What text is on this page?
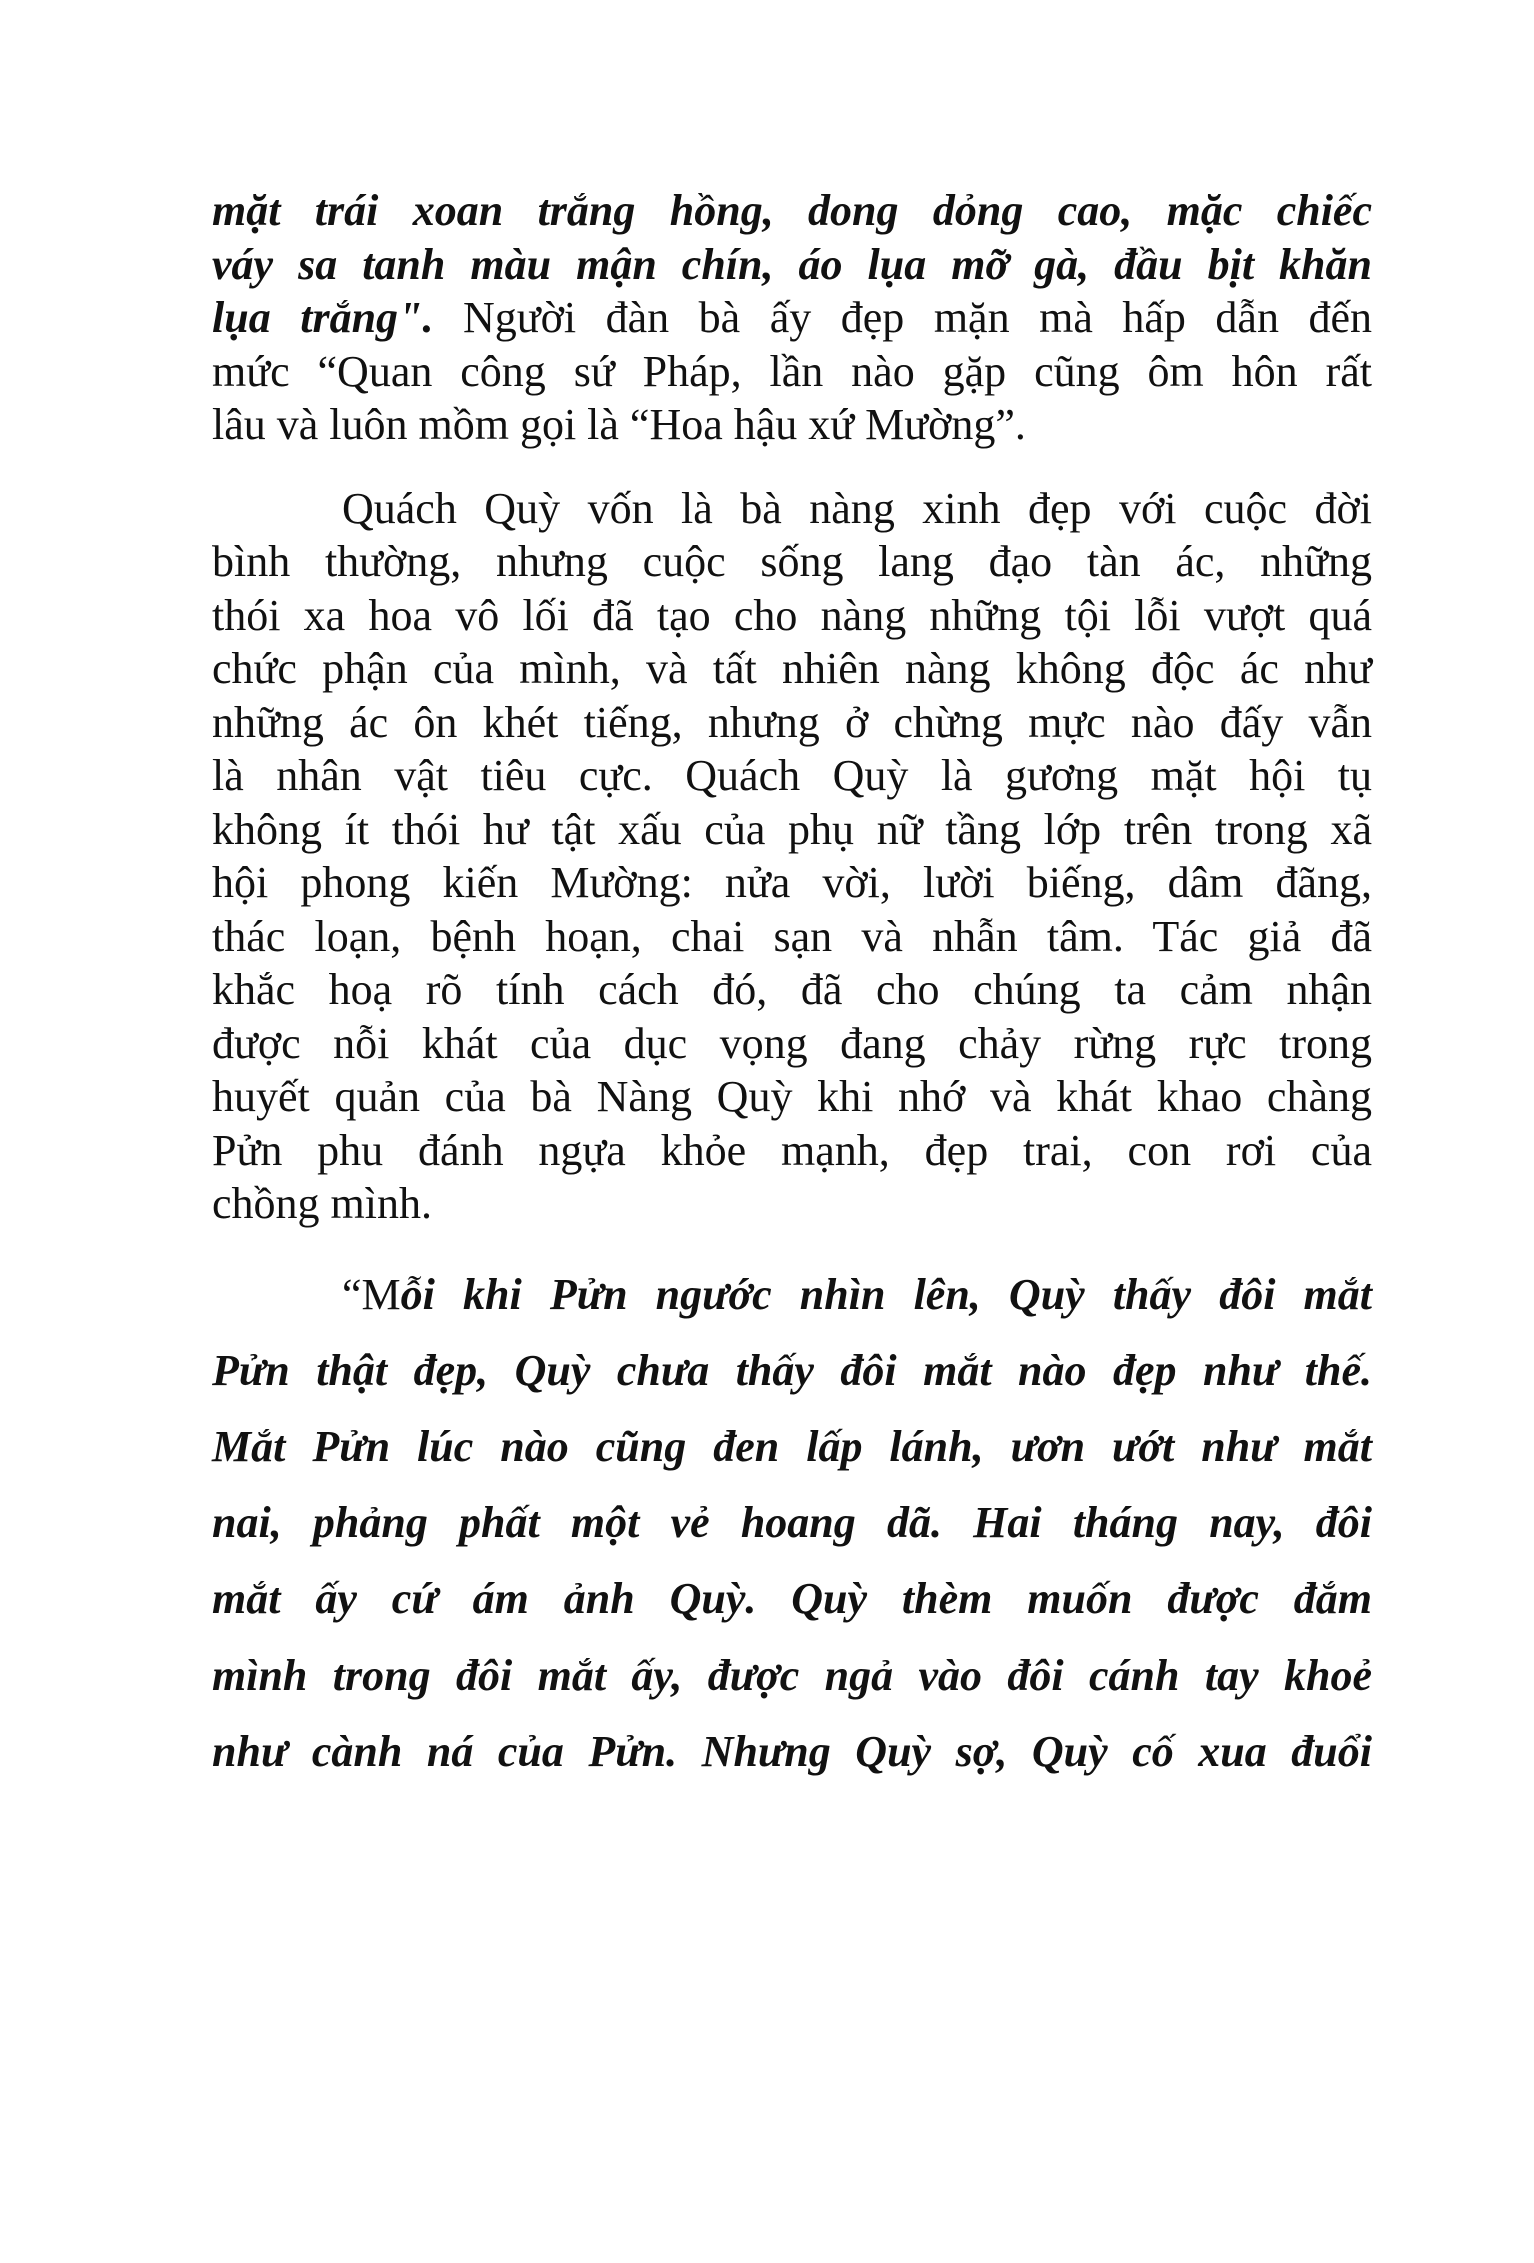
mặt trái xoan trắng hồng, dong dỏng cao, mặc chiếc
váy sa tanh màu mận chín, áo lụa mỡ gà, đầu bịt khăn
lụa trắng". Người đàn bà ấy đẹp mặn mà hấp dẫn đến
mức “Quan công sứ Pháp, lần nào gặp cũng ôm hôn rất
lâu và luôn mồm gọi là “Hoa hậu xứ Mường”.

Quách Quỳ vốn là bà nàng xinh đẹp với cuộc đời
bình thường, nhưng cuộc sống lang đạo tàn ác, những
thói xa hoa vô lối đã tạo cho nàng những tội lỗi vượt quá
chức phận của mình, và tất nhiên nàng không độc ác như
những ác ôn khét tiếng, nhưng ở chừng mực nào đấy vẫn
là nhân vật tiêu cực. Quách Quỳ là gương mặt hội tụ
không ít thói hư tật xấu của phụ nữ tầng lớp trên trong xã
hội phong kiến Mường: nửa vời, lười biếng, dâm đãng,
thác loạn, bệnh hoạn, chai sạn và nhẫn tâm. Tác giả đã
khắc hoạ rõ tính cách đó, đã cho chúng ta cảm nhận
được nỗi khát của dục vọng đang chảy rừng rực trong
huyết quản của bà Nàng Quỳ khi nhớ và khát khao chàng
Pửn phu đánh ngựa khỏe mạnh, đẹp trai, con rơi của
chồng mình.

“Mỗi khi Pửn ngước nhìn lên, Quỳ thấy đôi mắt
Pửn thật đẹp, Quỳ chưa thấy đôi mắt nào đẹp như thế.
Mắt Pửn lúc nào cũng đen lấp lánh, ươn ướt như mắt
nai, phảng phất một vẻ hoang dã. Hai tháng nay, đôi
mắt ấy cứ ám ảnh Quỳ. Quỳ thèm muốn được đắm
mình trong đôi mắt ấy, được ngả vào đôi cánh tay khoẻ
như cành ná của Pửn. Nhưng Quỳ sợ, Quỳ cố xua đuổi
